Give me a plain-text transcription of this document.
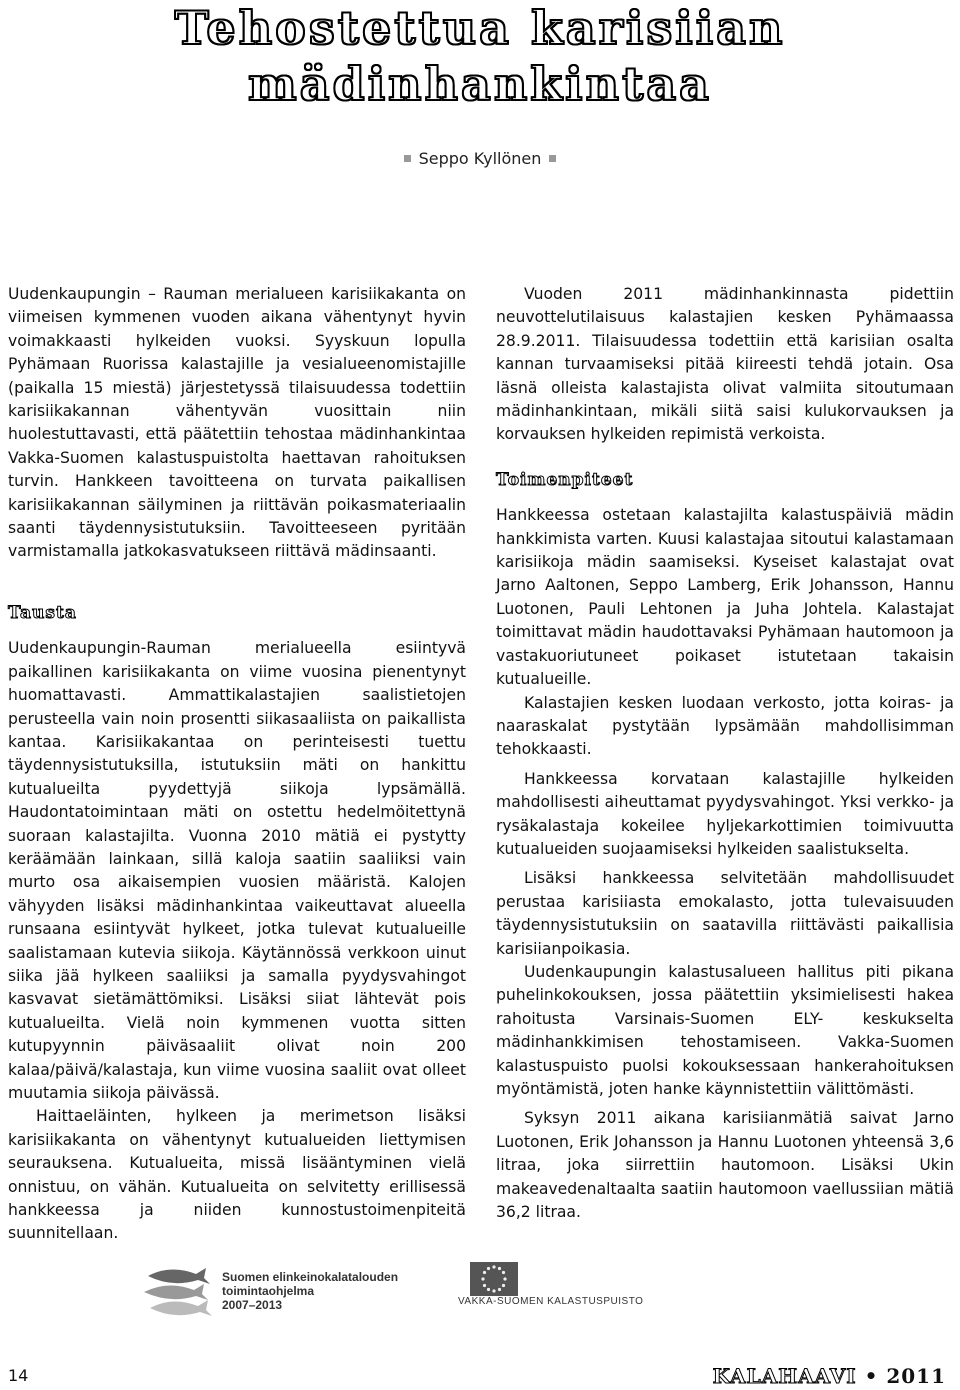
Tehostettua karisiian
mädinhankintaa
Seppo Kyllönen

Uudenkaupungin – Rauman merialueen karisiikakanta on viimeisen kymmenen vuoden aikana vähentynyt hyvin voimakkaasti hylkeiden vuoksi. Syyskuun lopulla Pyhämaan Ruorissa kalastajille ja vesialueenomistajille (paikalla 15 miestä) järjestetyssä tilaisuudessa todettiin karisiikakannan vähentyvän vuosittain niin huolestuttavasti, että päätettiin tehostaa mädinhankintaa Vakka-Suomen kalastuspuistolta haettavan rahoituksen turvin. Hankkeen tavoitteena on turvata paikallisen karisiikakannan säilyminen ja riittävän poikasmateriaalin saanti täydennysistutuksiin. Tavoitteeseen pyritään varmistamalla jatkokasvatukseen riittävä mädinsaanti.

Tausta

Uudenkaupungin-Rauman merialueella esiintyvä paikallinen karisiikakanta on viime vuosina pienentynyt huomattavasti. Ammattikalastajien saalistietojen perusteella vain noin prosentti siikasaaliista on paikallista kantaa. Karisiikakantaa on perinteisesti tuettu täydennysistutuksilla, istutuksiin mäti on hankittu kutualueilta pyydettyjä siikoja lypsämällä. Haudontatoimintaan mäti on ostettu hedelmöitettynä suoraan kalastajilta. Vuonna 2010 mätiä ei pystytty keräämään lainkaan, sillä kaloja saatiin saaliiksi vain murto osa aikaisempien vuosien määristä. Kalojen vähyyden lisäksi mädinhankintaa vaikeuttavat alueella runsaana esiintyvät hylkeet, jotka tulevat kutualueille saalistamaan kutevia siikoja. Käytännössä verkkoon uinut siika jää hylkeen saaliiksi ja samalla pyydysvahingot kasvavat sietämättömiksi. Lisäksi siiat lähtevät pois kutualueilta. Vielä noin kymmenen vuotta sitten kutupyynnin päiväsaaliit olivat noin 200 kalaa/päivä/kalastaja, kun viime vuosina saaliit ovat olleet muutamia siikoja päivässä.

Haittaeläinten, hylkeen ja merimetson lisäksi karisiikakanta on vähentynyt kutualueiden liettymisen seurauksena. Kutualueita, missä lisääntyminen vielä onnistuu, on vähän. Kutualueita on selvitetty erillisessä hankkeessa ja niiden kunnostustoimenpiteitä suunnitellaan.

Vuoden 2011 mädinhankinnasta pidettiin neuvottelutilaisuus kalastajien kesken Pyhämaassa 28.9.2011. Tilaisuudessa todettiin että karisiian osalta kannan turvaamiseksi pitää kiireesti tehdä jotain. Osa läsnä olleista kalastajista olivat valmiita sitoutumaan mädinhankintaan, mikäli siitä saisi kulukorvauksen ja korvauksen hylkeiden repimistä verkoista.

Toimenpiteet

Hankkeessa ostetaan kalastajilta kalastuspäiviä mädin hankkimista varten. Kuusi kalastajaa sitoutui kalastamaan karisiikoja mädin saamiseksi. Kyseiset kalastajat ovat Jarno Aaltonen, Seppo Lamberg, Erik Johansson, Hannu Luotonen, Pauli Lehtonen ja Juha Johtela. Kalastajat toimittavat mädin haudottavaksi Pyhämaan hautomoon ja vastakuoriutuneet poikaset istutetaan takaisin kutualueille.

Kalastajien kesken luodaan verkosto, jotta koiras- ja naaraskalat pystytään lypsämään mahdollisimman tehokkaasti.

Hankkeessa korvataan kalastajille hylkeiden mahdollisesti aiheuttamat pyydysvahingot. Yksi verkko- ja rysäkalastaja kokeilee hyljekarkottimien toimivuutta kutualueiden suojaamiseksi hylkeiden saalistukselta.

Lisäksi hankkeessa selvitetään mahdollisuudet perustaa karisiiasta emokalasto, jotta tulevaisuuden täydennysistutuksiin on saatavilla riittävästi paikallisia karisiianpoikasia.

Uudenkaupungin kalastusalueen hallitus piti pikana puhelinkokouksen, jossa päätettiin yksimielisesti hakea rahoitusta Varsinais-Suomen ELY- keskukselta mädinhankkimisen tehostamiseen. Vakka-Suomen kalastuspuisto puolsi kokouksessaan hankerahoituksen myöntämistä, joten hanke käynnistettiin välittömästi.

Syksyn 2011 aikana karisiianmätiä saivat Jarno Luotonen, Erik Johansson ja Hannu Luotonen yhteensä 3,6 litraa, joka siirrettiin hautomoon. Lisäksi Ukin makeavedenaltaalta saatiin hautomoon vaellussiian mätiä 36,2 litraa.

Suomen elinkeinokalatalouden
toimintaohjelma
2007–2013	VAKKA-SUOMEN KALASTUSPUISTO
14	KALAHAAVI • 2011
